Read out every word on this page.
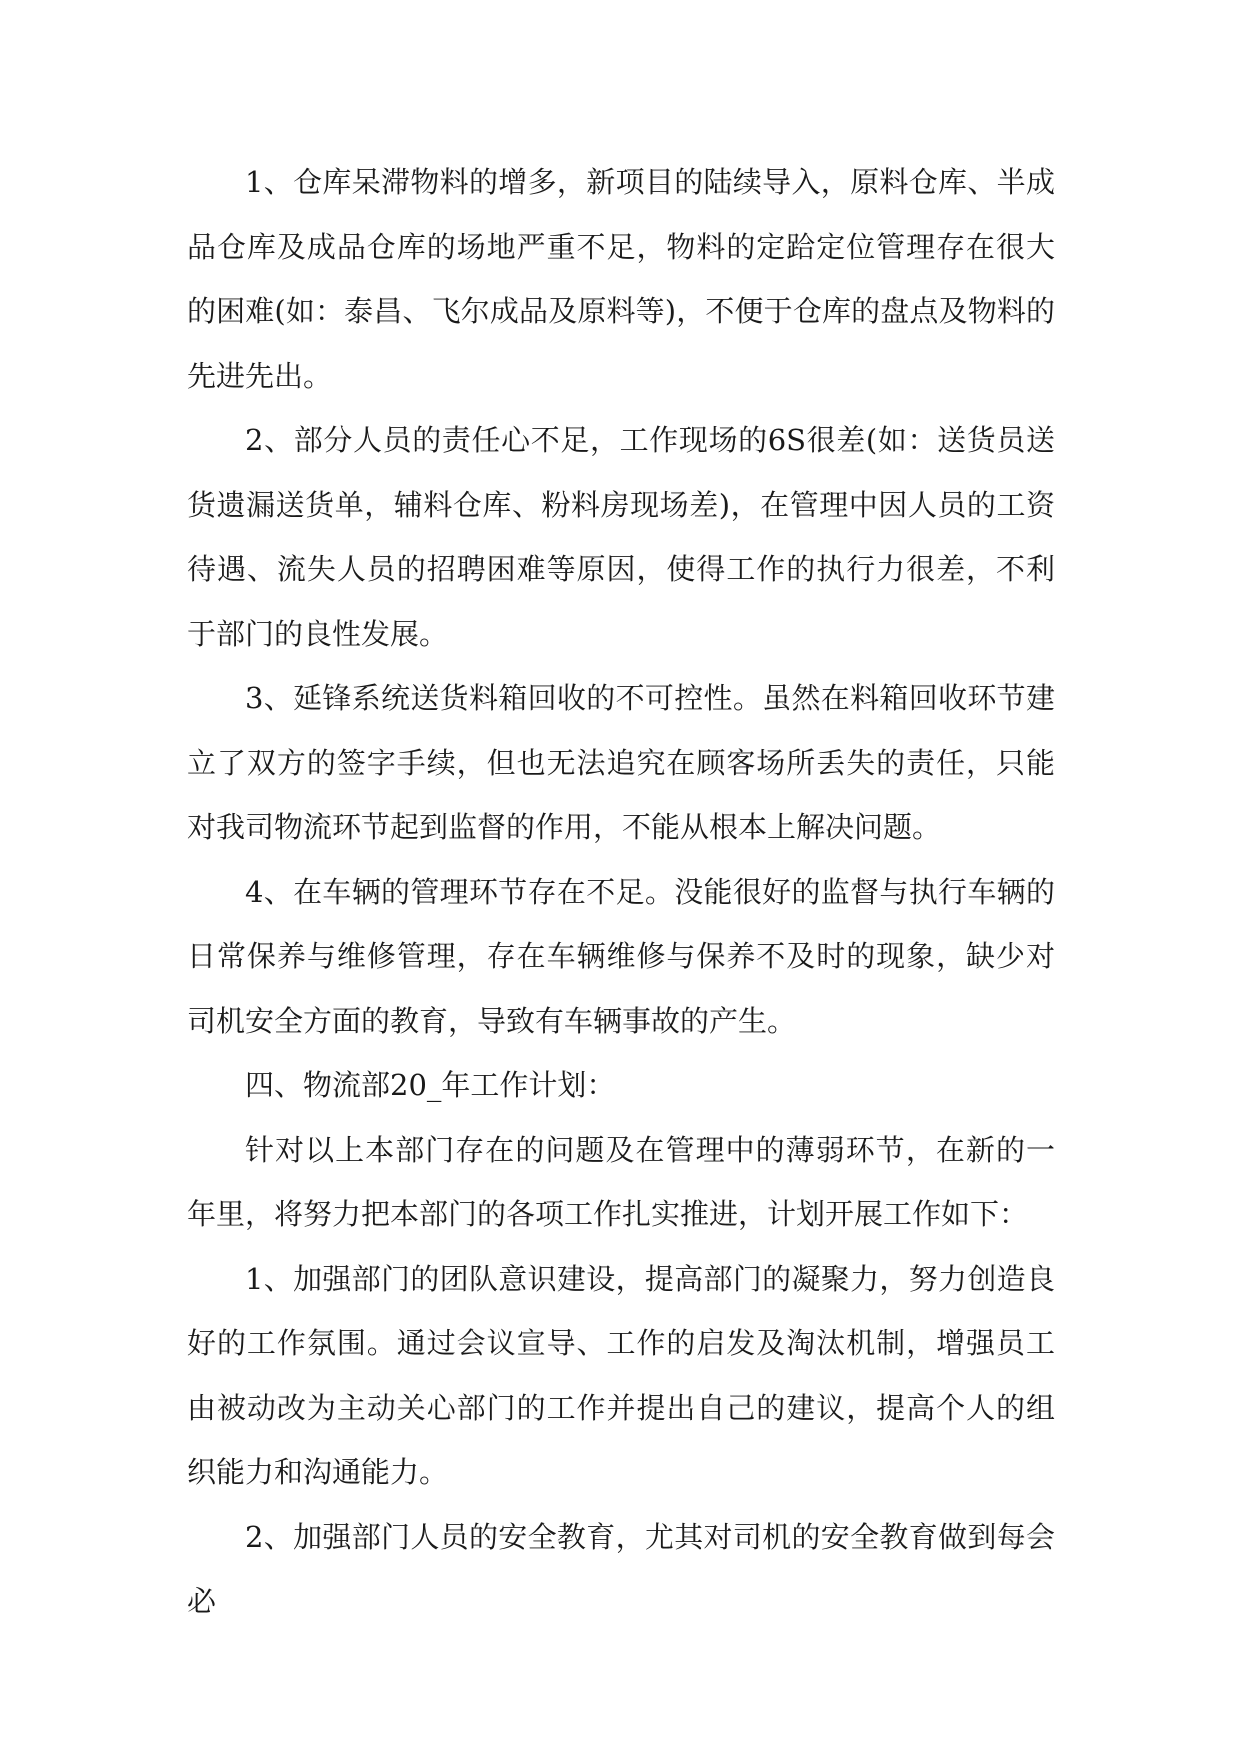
1、仓库呆滞物料的增多，新项目的陆续导入，原料仓库、半成品仓库及成品仓库的场地严重不足，物料的定跲定位管理存在很大的困难(如：泰昌、飞尔成品及原料等)，不便于仓库的盘点及物料的先进先出。

2、部分人员的责任心不足，工作现场的6S很差(如：送货员送货遗漏送货单，辅料仓库、粉料房现场差)，在管理中因人员的工资待遇、流失人员的招聘困难等原因，使得工作的执行力很差，不利于部门的良性发展。

3、延锋系统送货料箱回收的不可控性。虽然在料箱回收环节建立了双方的签字手续，但也无法追究在顾客场所丢失的责任，只能对我司物流环节起到监督的作用，不能从根本上解决问题。

4、在车辆的管理环节存在不足。没能很好的监督与执行车辆的日常保养与维修管理，存在车辆维修与保养不及时的现象，缺少对司机安全方面的教育，导致有车辆事故的产生。

四、物流部20_年工作计划：

针对以上本部门存在的问题及在管理中的薄弱环节，在新的一年里，将努力把本部门的各项工作扎实推进，计划开展工作如下：

1、加强部门的团队意识建设，提高部门的凝聚力，努力创造良好的工作氛围。通过会议宣导、工作的启发及淘汰机制，增强员工由被动改为主动关心部门的工作并提出自己的建议，提高个人的组织能力和沟通能力。

2、加强部门人员的安全教育，尤其对司机的安全教育做到每会必
